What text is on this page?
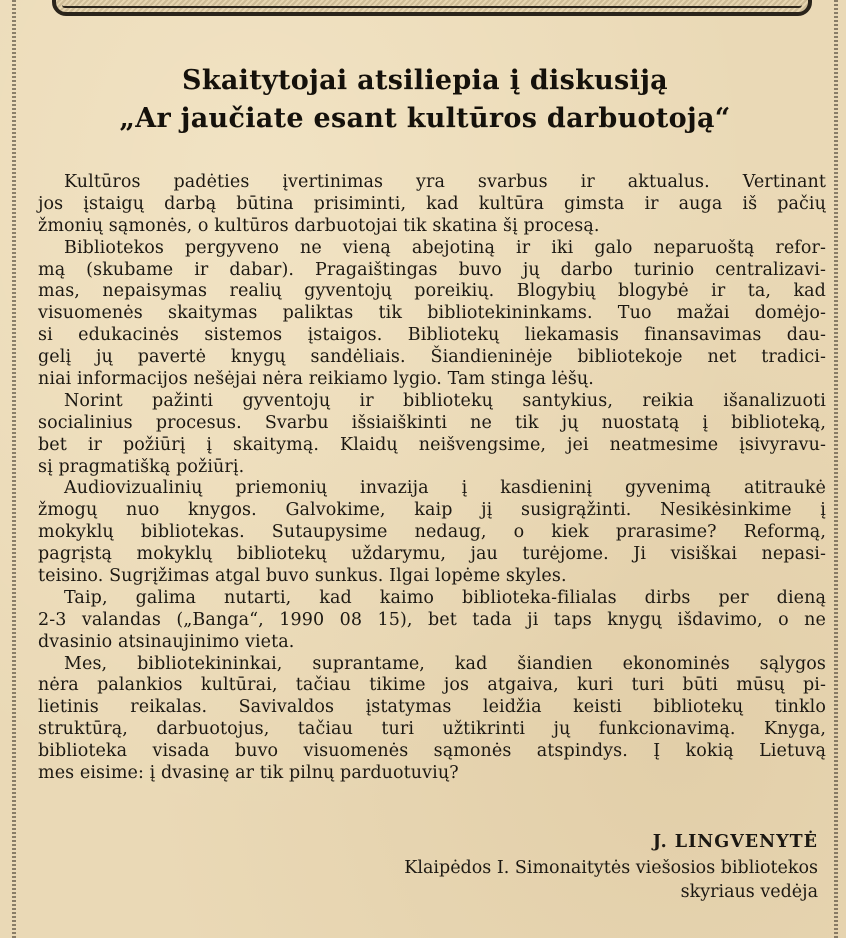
Skaitytojai atsiliepia į diskusiją
„Ar jaučiate esant kultūros darbuotoją“
Kultūros padėties įvertinimas yra svarbus ir aktualus. Vertinant
jos įstaigų darbą būtina prisiminti, kad kultūra gimsta ir auga iš pačių
žmonių sąmonės, o kultūros darbuotojai tik skatina šį procesą.
Bibliotekos pergyveno ne vieną abejotiną ir iki galo neparuoštą refor-
mą (skubame ir dabar). Pragaištingas buvo jų darbo turinio centralizavi-
mas, nepaisymas realių gyventojų poreikių. Blogybių blogybė ir ta, kad
visuomenės skaitymas paliktas tik bibliotekininkams. Tuo mažai domėjo-
si edukacinės sistemos įstaigos. Bibliotekų liekamasis finansavimas dau-
gelį jų pavertė knygų sandėliais. Šiandieninėje bibliotekoje net tradici-
niai informacijos nešėjai nėra reikiamo lygio. Tam stinga lėšų.
Norint pažinti gyventojų ir bibliotekų santykius, reikia išanalizuoti
socialinius procesus. Svarbu išsiaiškinti ne tik jų nuostatą į biblioteką,
bet ir požiūrį į skaitymą. Klaidų neišvengsime, jei neatmesime įsivyravu-
sį pragmatišką požiūrį.
Audiovizualinių priemonių invazija į kasdieninį gyvenimą atitraukė
žmogų nuo knygos. Galvokime, kaip jį susigrąžinti. Nesikėsinkime į
mokyklų bibliotekas. Sutaupysime nedaug, o kiek prarasime? Reformą,
pagrįstą mokyklų bibliotekų uždarymu, jau turėjome. Ji visiškai nepasi-
teisino. Sugrįžimas atgal buvo sunkus. Ilgai lopėme skyles.
Taip, galima nutarti, kad kaimo biblioteka-filialas dirbs per dieną
2-3 valandas („Banga“, 1990 08 15), bet tada ji taps knygų išdavimo, o ne
dvasinio atsinaujinimo vieta.
Mes, bibliotekininkai, suprantame, kad šiandien ekonominės sąlygos
nėra palankios kultūrai, tačiau tikime jos atgaiva, kuri turi būti mūsų pi-
lietinis reikalas. Savivaldos įstatymas leidžia keisti bibliotekų tinklo
struktūrą, darbuotojus, tačiau turi užtikrinti jų funkcionavimą. Knyga,
biblioteka visada buvo visuomenės sąmonės atspindys. Į kokią Lietuvą
mes eisime: į dvasinę ar tik pilnų parduotuvių?
J. LINGVENYTĖ
Klaipėdos I. Simonaitytės viešosios bibliotekos
skyriaus vedėja
